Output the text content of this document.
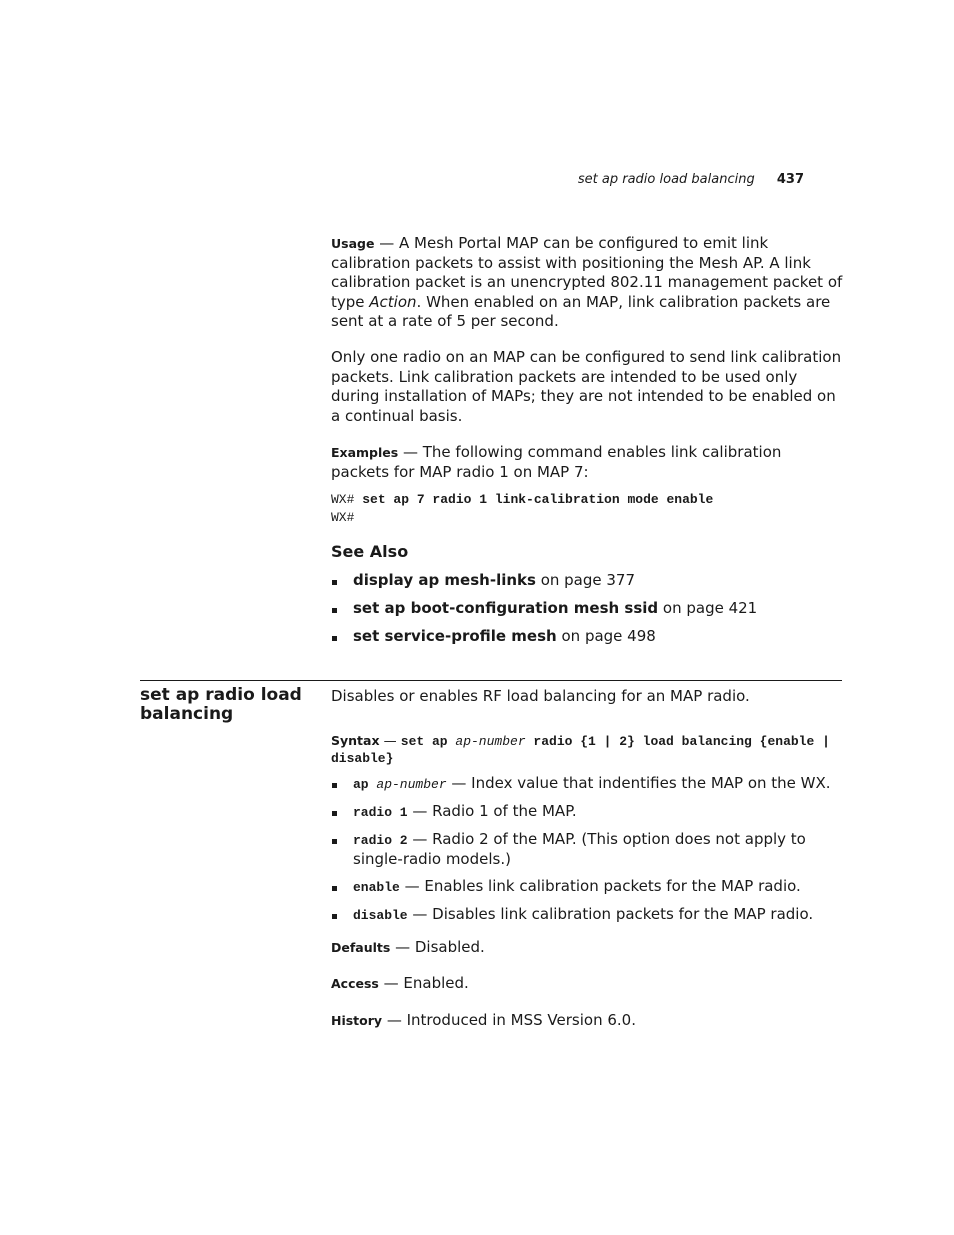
set ap radio load balancing 437
Usage — A Mesh Portal MAP can be configured to emit link calibration packets to assist with positioning the Mesh AP. A link calibration packet is an unencrypted 802.11 management packet of type Action. When enabled on an MAP, link calibration packets are sent at a rate of 5 per second.
Only one radio on an MAP can be configured to send link calibration packets. Link calibration packets are intended to be used only during installation of MAPs; they are not intended to be enabled on a continual basis.
Examples — The following command enables link calibration packets for MAP radio 1 on MAP 7:
WX# set ap 7 radio 1 link-calibration mode enable
WX#
See Also
display ap mesh-links on page 377
set ap boot-configuration mesh ssid on page 421
set service-profile mesh on page 498
set ap radio load balancing
Disables or enables RF load balancing for an MAP radio.
Syntax — set ap ap-number radio {1 | 2} load balancing {enable | disable}
ap ap-number — Index value that indentifies the MAP on the WX.
radio 1 — Radio 1 of the MAP.
radio 2 — Radio 2 of the MAP. (This option does not apply to single-radio models.)
enable — Enables link calibration packets for the MAP radio.
disable — Disables link calibration packets for the MAP radio.
Defaults — Disabled.
Access — Enabled.
History — Introduced in MSS Version 6.0.
